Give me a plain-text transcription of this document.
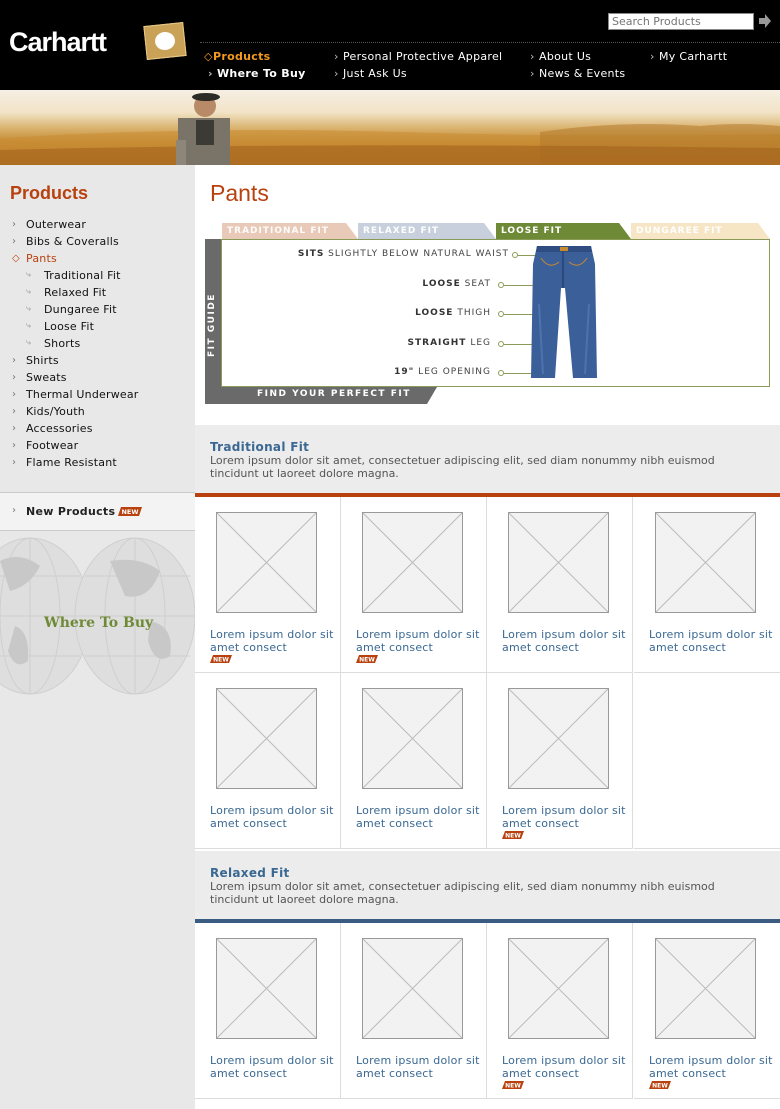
Carhartt
Search Products	◇Products	› Personal Protective Apparel	› About Us	› My Carhartt
› Where To Buy	› Just Ask Us	› News & Events
Products
› Outerwear
› Bibs & Coveralls
◇ Pants
⤷ Traditional Fit
⤷ Relaxed Fit
⤷ Dungaree Fit
⤷ Loose Fit
⤷ Shorts
› Shirts
› Sweats
› Thermal Underwear
› Kids/Youth
› Accessories
› Footwear
› Flame Resistant
› New Products NEW
Where To Buy
Pants
TRADITIONAL FIT	RELAXED FIT	LOOSE FIT	DUNGAREE FIT
FIT GUIDE
SITS SLIGHTLY BELOW NATURAL WAIST
LOOSE SEAT
LOOSE THIGH
STRAIGHT LEG
19" LEG OPENING
FIND YOUR PERFECT FIT
Traditional Fit
Lorem ipsum dolor sit amet, consectetuer adipiscing elit, sed diam nonummy nibh euismod tincidunt ut laoreet dolore magna.
Lorem ipsum dolor sit amet consect
NEW
Lorem ipsum dolor sit amet consect
NEW
Lorem ipsum dolor sit amet consect
Lorem ipsum dolor sit amet consect
Lorem ipsum dolor sit amet consect
Lorem ipsum dolor sit amet consect
Lorem ipsum dolor sit amet consect
NEW
Relaxed Fit
Lorem ipsum dolor sit amet, consectetuer adipiscing elit, sed diam nonummy nibh euismod tincidunt ut laoreet dolore magna.
Lorem ipsum dolor sit amet consect
Lorem ipsum dolor sit amet consect
Lorem ipsum dolor sit amet consect
NEW
Lorem ipsum dolor sit amet consect
NEW
